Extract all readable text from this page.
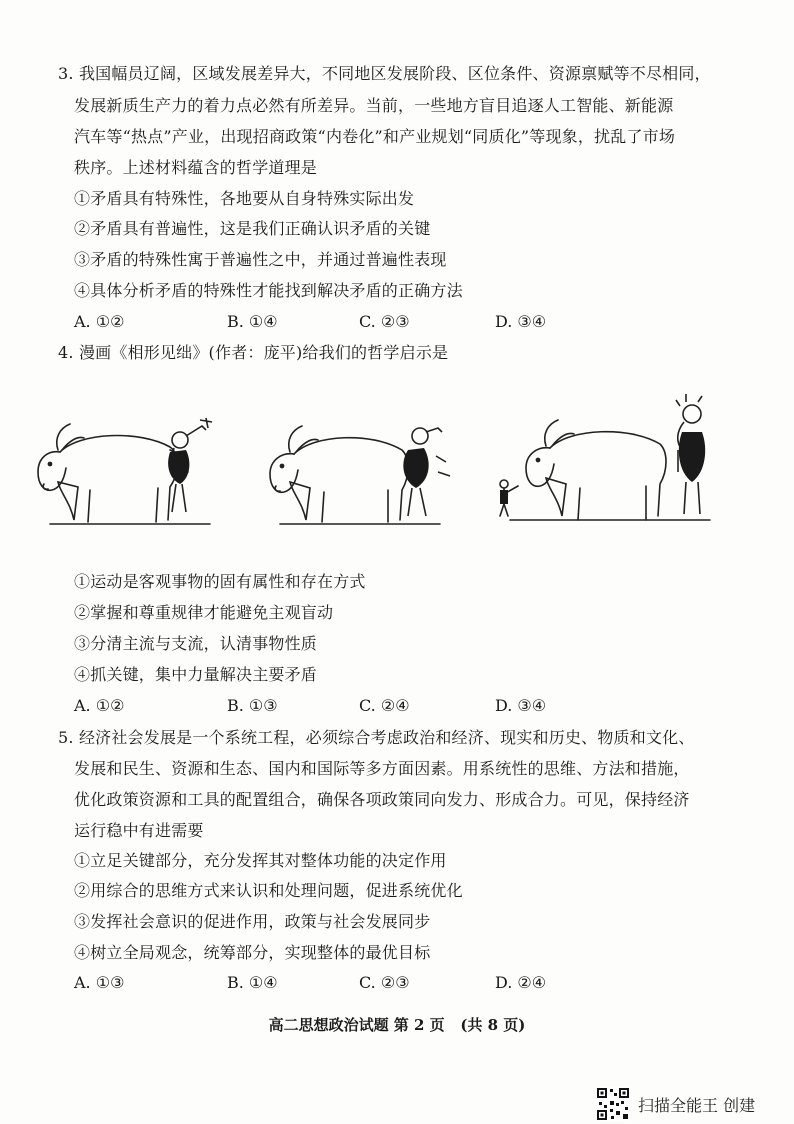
3. 我国幅员辽阔，区域发展差异大，不同地区发展阶段、区位条件、资源禀赋等不尽相同，
发展新质生产力的着力点必然有所差异。当前，一些地方盲目追逐人工智能、新能源
汽车等“热点”产业，出现招商政策“内卷化”和产业规划“同质化”等现象，扰乱了市场
秩序。上述材料蕴含的哲学道理是
①矛盾具有特殊性，各地要从自身特殊实际出发
②矛盾具有普遍性，这是我们正确认识矛盾的关键
③矛盾的特殊性寓于普遍性之中，并通过普遍性表现
④具体分析矛盾的特殊性才能找到解决矛盾的正确方法
A. ①②	B. ①④	C. ②③	D. ③④
4. 漫画《相形见绌》(作者：庞平)给我们的哲学启示是
①运动是客观事物的固有属性和存在方式
②掌握和尊重规律才能避免主观盲动
③分清主流与支流，认清事物性质
④抓关键，集中力量解决主要矛盾
A. ①②	B. ①③	C. ②④	D. ③④
5. 经济社会发展是一个系统工程，必须综合考虑政治和经济、现实和历史、物质和文化、
发展和民生、资源和生态、国内和国际等多方面因素。用系统性的思维、方法和措施，
优化政策资源和工具的配置组合，确保各项政策同向发力、形成合力。可见，保持经济
运行稳中有进需要
①立足关键部分，充分发挥其对整体功能的决定作用
②用综合的思维方式来认识和处理问题，促进系统优化
③发挥社会意识的促进作用，政策与社会发展同步
④树立全局观念，统筹部分，实现整体的最优目标
A. ①③	B. ①④	C. ②③	D. ②④
高二思想政治试题 第 2 页   (共 8 页)
扫描全能王 创建
